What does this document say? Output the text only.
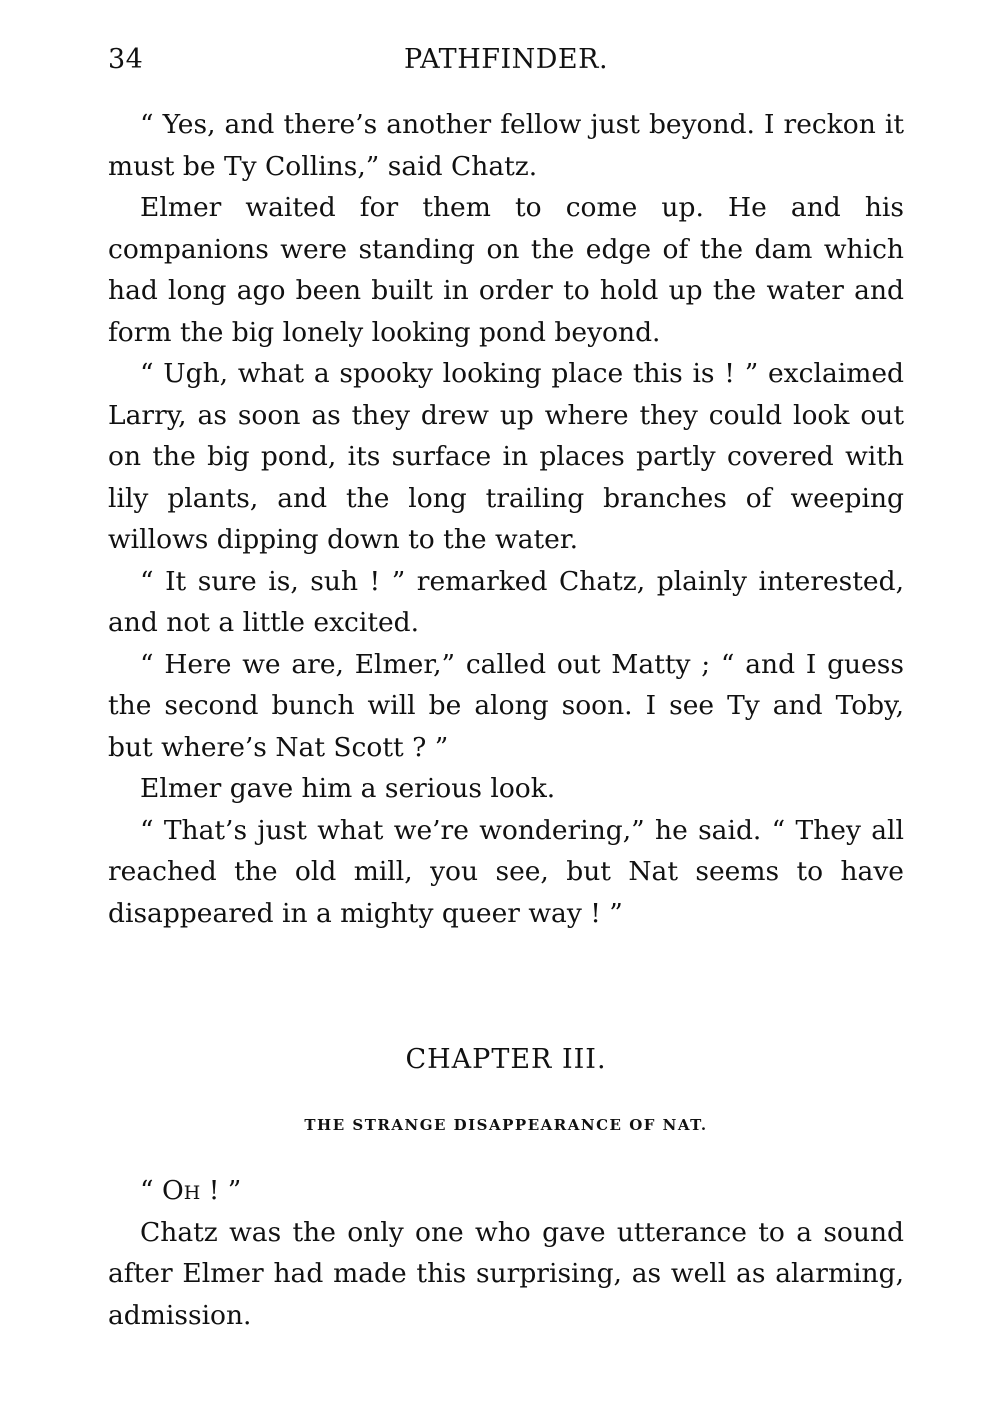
34	PATHFINDER.

“ Yes, and there’s another fellow just beyond. I reckon it must be Ty Collins,” said Chatz.

Elmer waited for them to come up. He and his companions were standing on the edge of the dam which had long ago been built in order to hold up the water and form the big lonely looking pond beyond.

“ Ugh, what a spooky looking place this is ! ” exclaimed Larry, as soon as they drew up where they could look out on the big pond, its surface in places partly covered with lily plants, and the long trailing branches of weeping willows dipping down to the water.

“ It sure is, suh ! ” remarked Chatz, plainly interested, and not a little excited.

“ Here we are, Elmer,” called out Matty ; “ and I guess the second bunch will be along soon. I see Ty and Toby, but where’s Nat Scott ? ”

Elmer gave him a serious look.

“ That’s just what we’re wondering,” he said. “ They all reached the old mill, you see, but Nat seems to have disappeared in a mighty queer way ! ”

CHAPTER III.

THE STRANGE DISAPPEARANCE OF NAT.

“ Oh ! ”

Chatz was the only one who gave utterance to a sound after Elmer had made this surprising, as well as alarming, admission.
